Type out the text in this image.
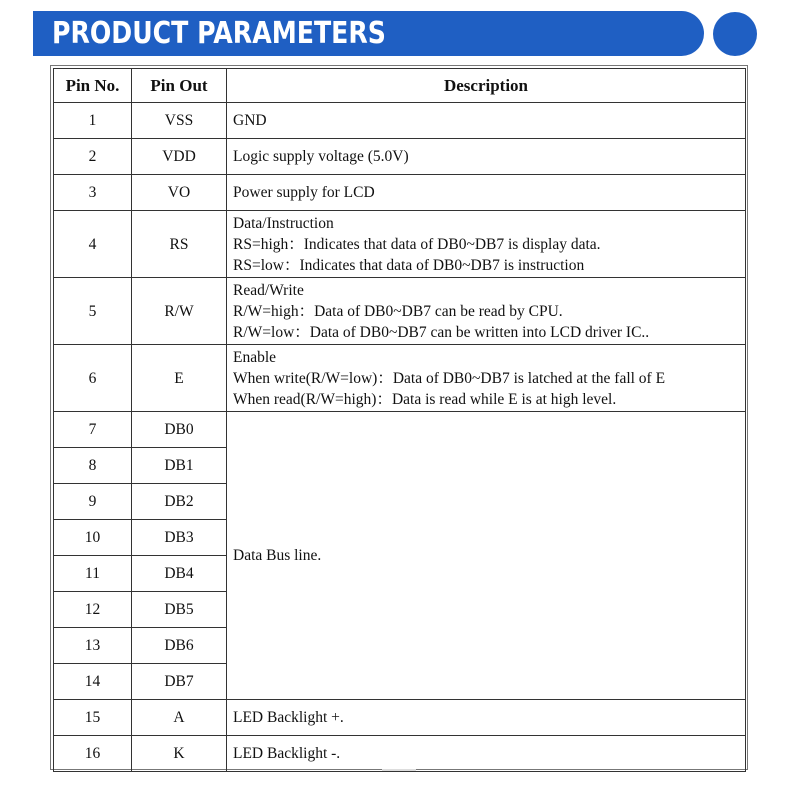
PRODUCT PARAMETERS
Pin No.	Pin Out	Description
1	VSS	GND
2	VDD	Logic supply voltage (5.0V)
3	VO	Power supply for LCD
4	RS	Data/Instruction
RS=high：Indicates that data of DB0~DB7 is display data.
RS=low：Indicates that data of DB0~DB7 is instruction

5	R/W	Read/Write
R/W=high：Data of DB0~DB7 can be read by CPU.
R/W=low：Data of DB0~DB7 can be written into LCD driver IC..

6	E	Enable
When write(R/W=low)：Data of DB0~DB7 is latched at the fall of E
When read(R/W=high)：Data is read while E is at high level.

7	DB0	Data Bus line.
8	DB1	
9	DB2	
10	DB3	
11	DB4	
12	DB5	
13	DB6	
14	DB7	
15	A	LED Backlight +.
16	K	LED Backlight -.
